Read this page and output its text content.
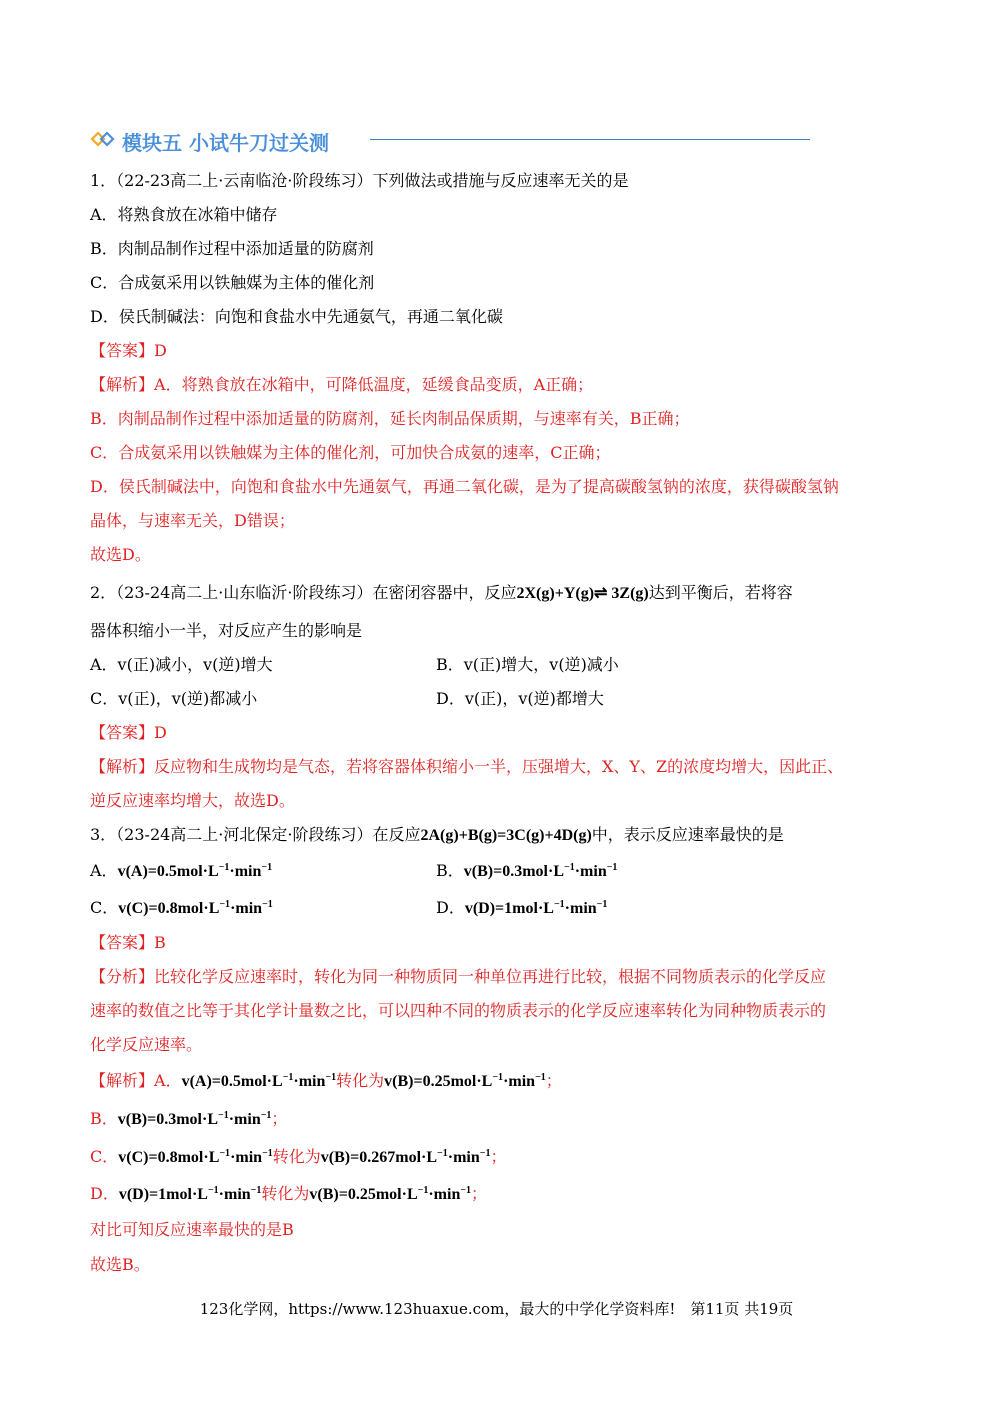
模块五 小试牛刀过关测
1．（22-23高二上·云南临沧·阶段练习）下列做法或措施与反应速率无关的是
A．将熟食放在冰箱中储存
B．肉制品制作过程中添加适量的防腐剂
C．合成氨采用以铁触媒为主体的催化剂
D．侯氏制碱法：向饱和食盐水中先通氨气，再通二氧化碳
【答案】D
【解析】A．将熟食放在冰箱中，可降低温度，延缓食品变质，A正确；
B．肉制品制作过程中添加适量的防腐剂，延长肉制品保质期，与速率有关，B正确；
C．合成氨采用以铁触媒为主体的催化剂，可加快合成氨的速率，C正确；
D．侯氏制碱法中，向饱和食盐水中先通氨气，再通二氧化碳，是为了提高碳酸氢钠的浓度，获得碳酸氢钠
晶体，与速率无关，D错误；
故选D。
2．（23-24高二上·山东临沂·阶段练习）在密闭容器中，反应2X(g)+Y(g)⇌ 3Z(g)达到平衡后，若将容
器体积缩小一半，对反应产生的影响是
A．v(正)减小，v(逆)增大	B．v(正)增大，v(逆)减小
C．v(正)，v(逆)都减小	D．v(正)，v(逆)都增大
【答案】D
【解析】反应物和生成物均是气态，若将容器体积缩小一半，压强增大，X、Y、Z的浓度均增大，因此正、
逆反应速率均增大，故选D。
3．（23-24高二上·河北保定·阶段练习）在反应2A(g)+B(g)=3C(g)+4D(g)中，表示反应速率最快的是
A．$v(A)=0.5mol\cdot L^{-1}\cdot\min^{-1}$	B．$v(B)=0.3mol\cdot L^{-1}\cdot\min^{-1}$
C．$v(C)=0.8mol\cdot L^{-1}\cdot\min^{-1}$	D．$v(D)=1mol\cdot L^{-1}\cdot\min^{-1}$
【答案】B
【分析】比较化学反应速率时，转化为同一种物质同一种单位再进行比较，根据不同物质表示的化学反应
速率的数值之比等于其化学计量数之比，可以四种不同的物质表示的化学反应速率转化为同种物质表示的
化学反应速率。
【解析】A．$v(A)=0.5mol\cdot L^{-1}\cdot\min^{-1}$转化为$v(B)=0.25mol\cdot L^{-1}\cdot\min^{-1}$；
B．$v(B)=0.3mol\cdot L^{-1}\cdot\min^{-1}$；
C．$v(C)=0.8mol\cdot L^{-1}\cdot\min^{-1}$转化为$v(B)=0.267mol\cdot L^{-1}\cdot\min^{-1}$；
D．$v(D)=1mol\cdot L^{-1}\cdot\min^{-1}$转化为$v(B)=0.25mol\cdot L^{-1}\cdot\min^{-1}$；
对比可知反应速率最快的是B
故选B。
123化学网，https://www.123huaxue.com，最大的中学化学资料库!　第11页 共19页
